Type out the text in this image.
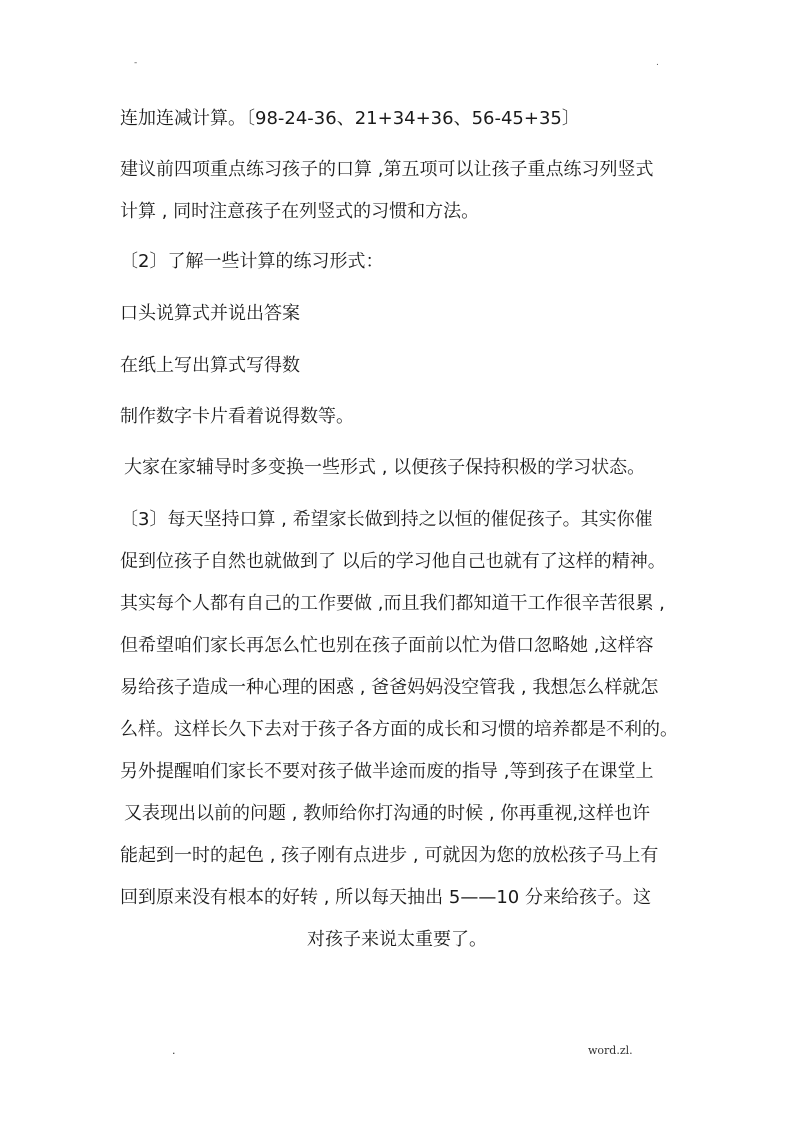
-	.
连加连减计算。〔98-24-36、21+34+36、56-45+35〕
建议前四项重点练习孩子的口算 ,第五项可以让孩子重点练习列竖式
计算 , 同时注意孩子在列竖式的习惯和方法。
〔2〕了解一些计算的练习形式：
口头说算式并说出答案
在纸上写出算式写得数
制作数字卡片看着说得数等。
大家在家辅导时多变换一些形式 , 以便孩子保持积极的学习状态。
〔3〕每天坚持口算 , 希望家长做到持之以恒的催促孩子。其实你催
促到位孩子自然也就做到了 以后的学习他自己也就有了这样的精神。
其实每个人都有自己的工作要做 ,而且我们都知道干工作很辛苦很累 ,
但希望咱们家长再怎么忙也别在孩子面前以忙为借口忽略她 ,这样容
易给孩子造成一种心理的困惑 , 爸爸妈妈没空管我 , 我想怎么样就怎
么样。这样长久下去对于孩子各方面的成长和习惯的培养都是不利的。
另外提醒咱们家长不要对孩子做半途而废的指导 ,等到孩子在课堂上
又表现出以前的问题 , 教师给你打沟通的时候 , 你再重视,这样也许
能起到一时的起色 , 孩子刚有点进步 , 可就因为您的放松孩子马上有
回到原来没有根本的好转 , 所以每天抽出 5——10 分来给孩子。这
对孩子来说太重要了。
.	word.zl.
